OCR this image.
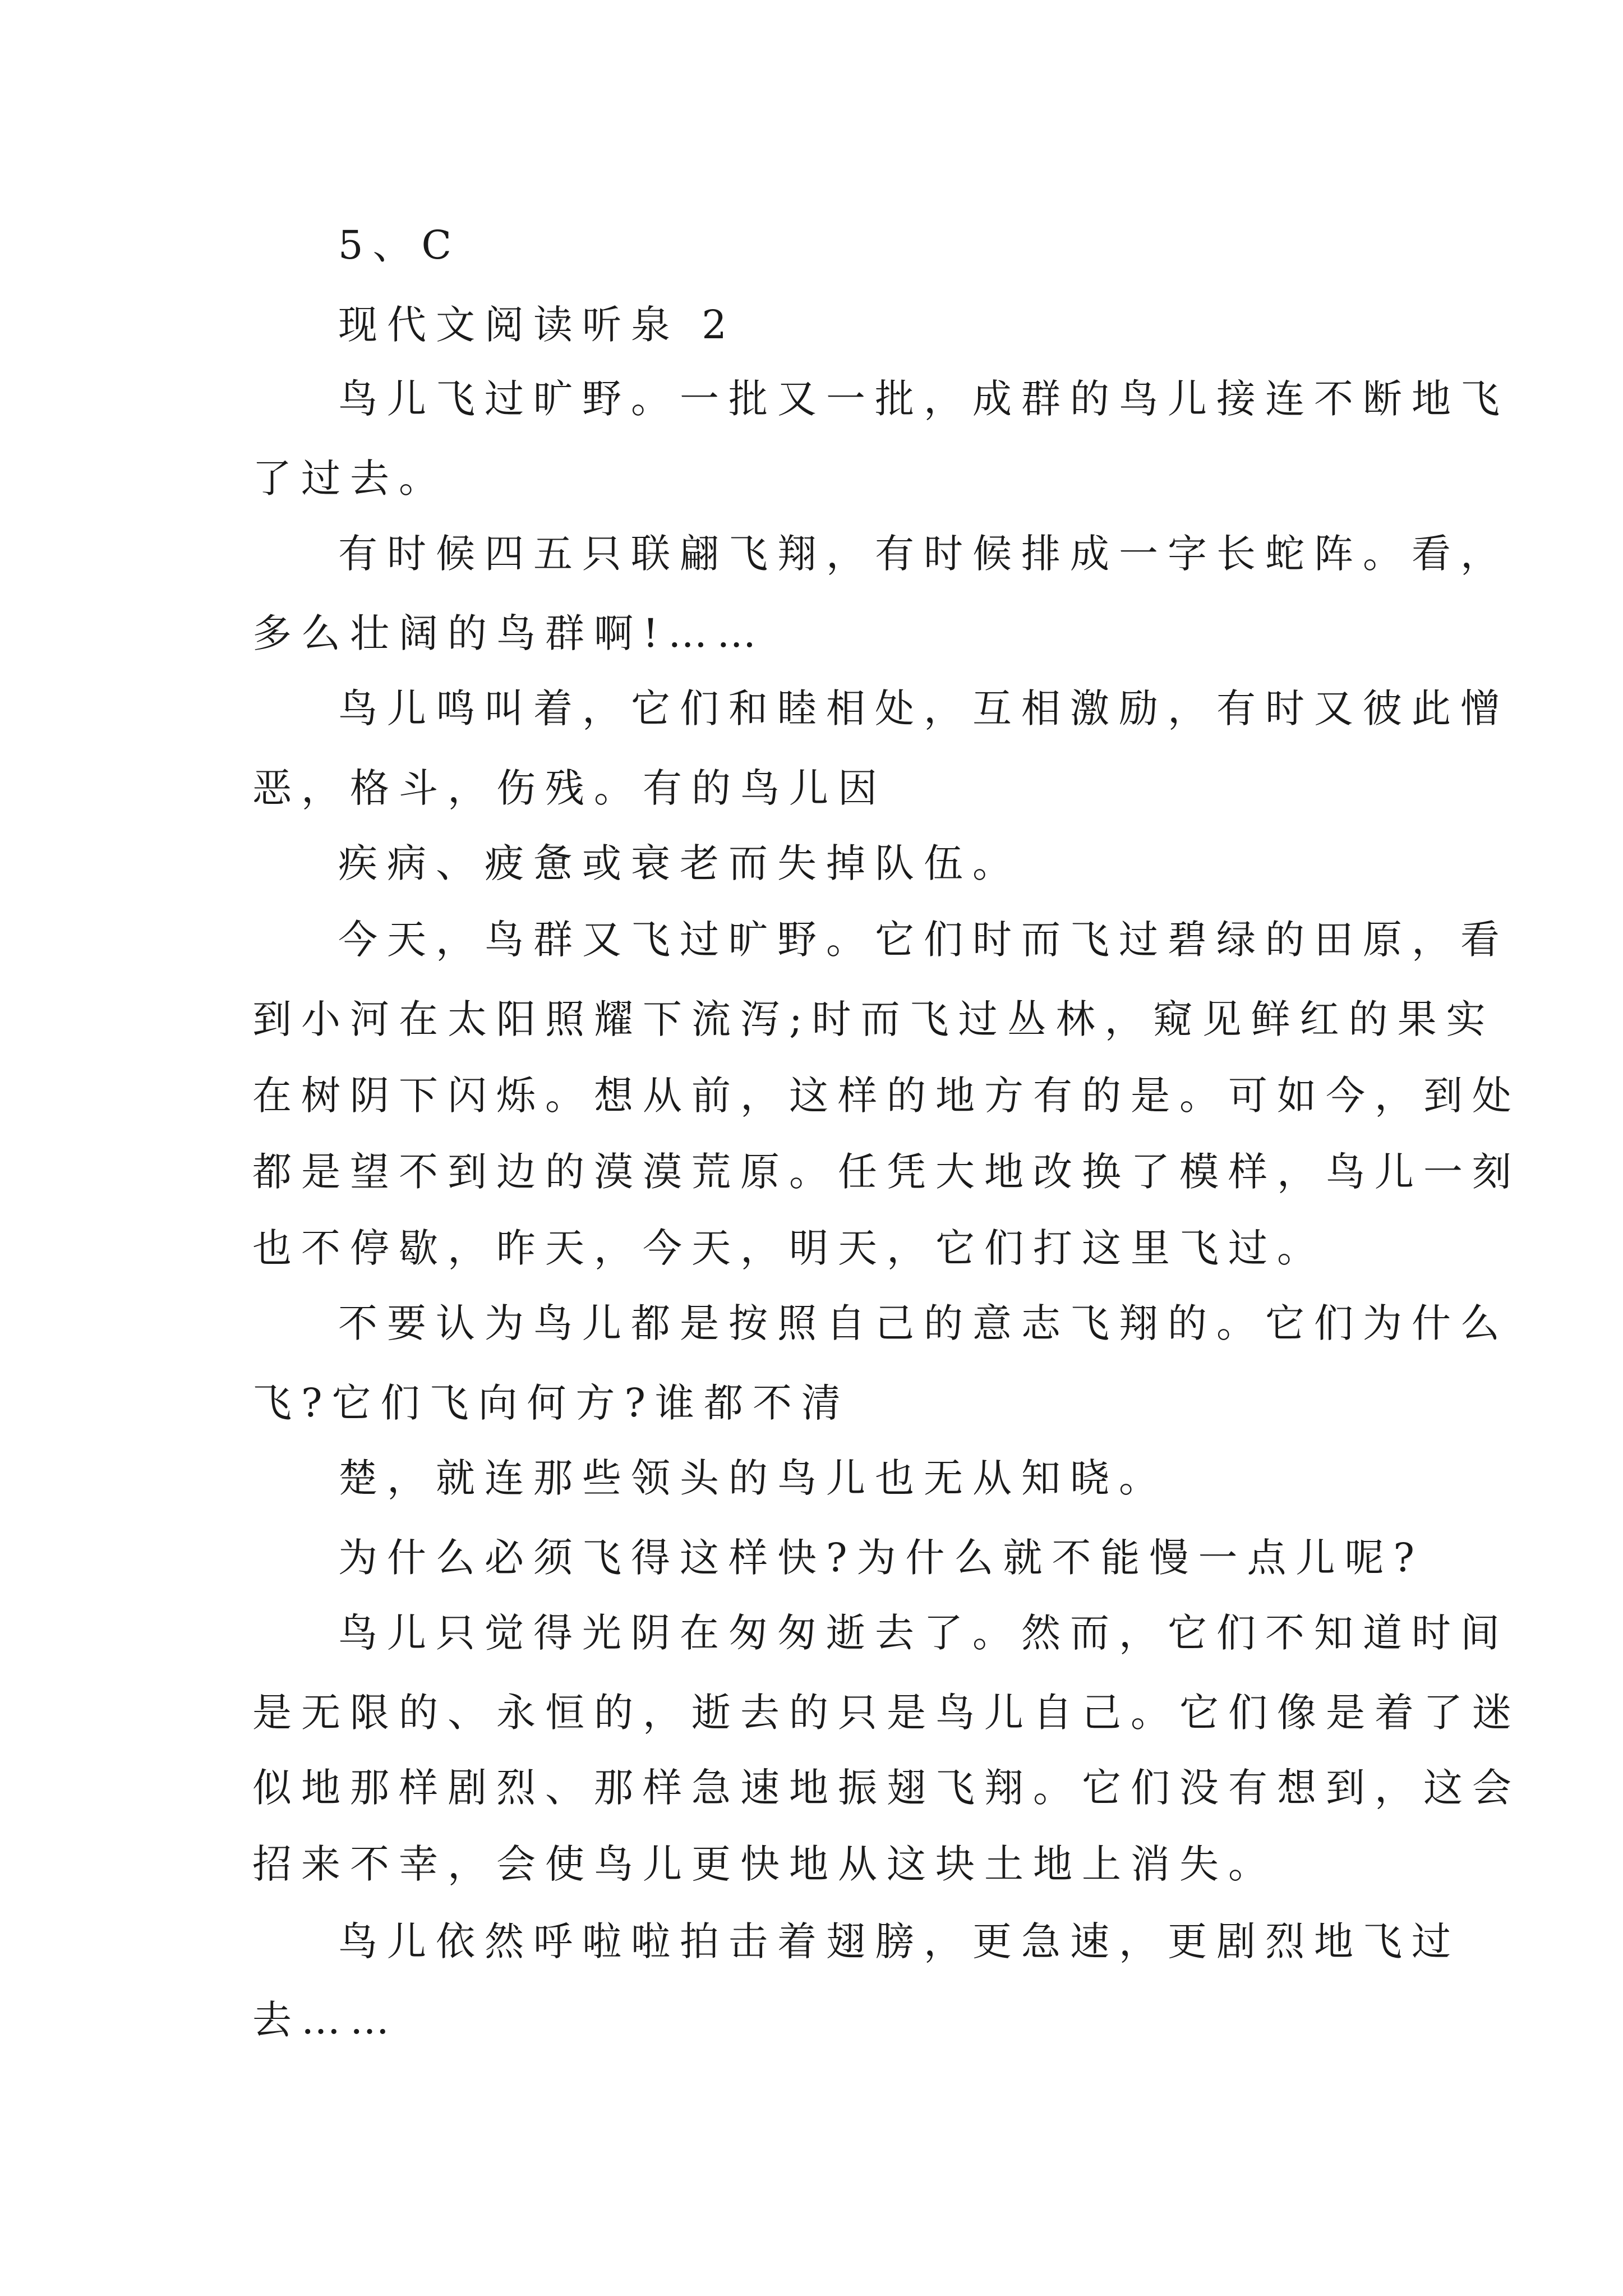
5、C
现代文阅读听泉 2
鸟儿飞过旷野。一批又一批，成群的鸟儿接连不断地飞
了过去。
有时候四五只联翩飞翔，有时候排成一字长蛇阵。看，
多么壮阔的鸟群啊!……
鸟儿鸣叫着，它们和睦相处，互相激励，有时又彼此憎
恶，格斗，伤残。有的鸟儿因
疾病、疲惫或衰老而失掉队伍。
今天，鸟群又飞过旷野。它们时而飞过碧绿的田原，看
到小河在太阳照耀下流泻;时而飞过丛林，窥见鲜红的果实
在树阴下闪烁。想从前，这样的地方有的是。可如今，到处
都是望不到边的漠漠荒原。任凭大地改换了模样，鸟儿一刻
也不停歇，昨天，今天，明天，它们打这里飞过。
不要认为鸟儿都是按照自己的意志飞翔的。它们为什么
飞?它们飞向何方?谁都不清
楚，就连那些领头的鸟儿也无从知晓。
为什么必须飞得这样快?为什么就不能慢一点儿呢?
鸟儿只觉得光阴在匆匆逝去了。然而，它们不知道时间
是无限的、永恒的，逝去的只是鸟儿自己。它们像是着了迷
似地那样剧烈、那样急速地振翅飞翔。它们没有想到，这会
招来不幸，会使鸟儿更快地从这块土地上消失。
鸟儿依然呼啦啦拍击着翅膀，更急速，更剧烈地飞过
去……
